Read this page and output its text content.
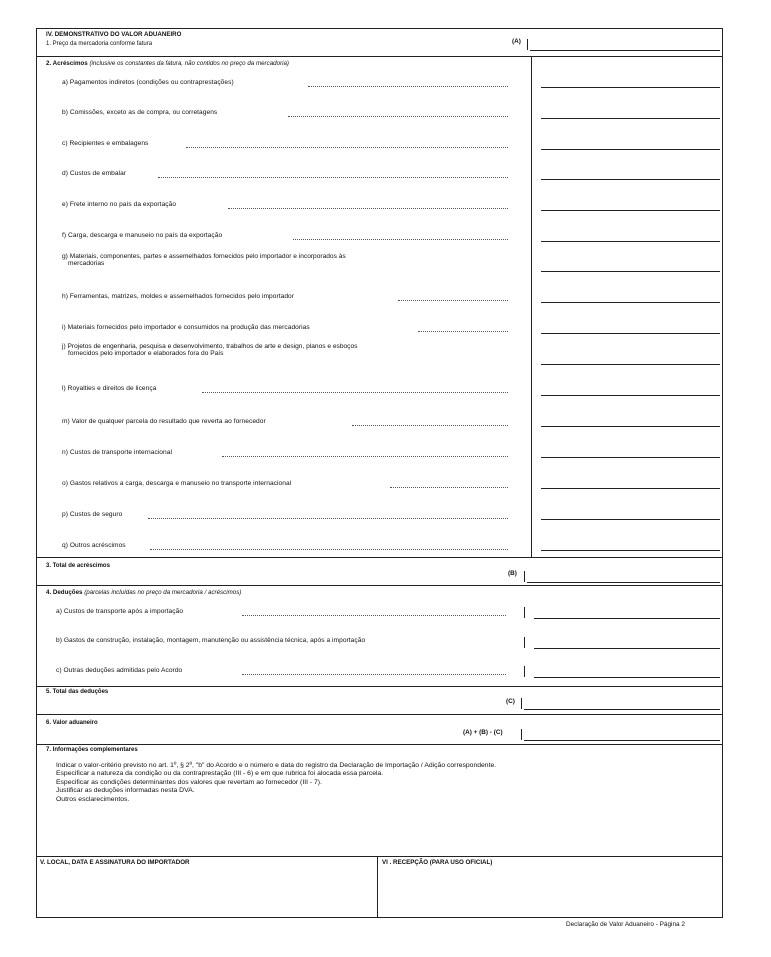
IV. DEMONSTRATIVO DO VALOR ADUANEIRO
1. Preço da mercadoria conforme fatura	(A)
2. Acréscimos (inclusive os constantes da fatura, não contidos no preço da mercadoria)
a) Pagamentos indiretos (condições ou contraprestações)
b) Comissões, exceto as de compra, ou corretagens
c) Recipientes e embalagens
d) Custos de embalar
e) Frete interno no país da exportação
f) Carga, descarga e manuseio no país da exportação
g) Materiais, componentes, partes e assemelhados fornecidos pelo importador e incorporados às
mercadorias
h) Ferramentas, matrizes, moldes e assemelhados fornecidos pelo importador
i) Materiais fornecidos pelo importador e consumidos na produção das mercadorias
j) Projetos de engenharia, pesquisa e desenvolvimento, trabalhos de arte e design, planos e esboços
fornecidos pelo importador e elaborados fora do País
l) Royalties e direitos de licença
m) Valor de qualquer parcela do resultado que reverta ao fornecedor
n) Custos de transporte internacional
o) Gastos relativos a carga, descarga e manuseio no transporte internacional
p) Custos de seguro
q) Outros acréscimos
3. Total de acréscimos
(B)
4. Deduções (parcelas incluídas no preço da mercadoria / acréscimos)
a) Custos de transporte após a importação
b) Gastos de construção, instalação, montagem, manutenção ou assistência técnica, após a importação
c) Outras deduções admitidas pelo Acordo
5. Total das deduções
(C)
6. Valor aduaneiro
(A) + (B) - (C)
7. Informações complementares
Indicar o valor-critério previsto no art. 1º, § 2º, "b" do Acordo e o número e data do registro da Declaração de Importação / Adição correspondente.
Especificar a natureza da condição ou da contraprestação (III - 6) e em que rubrica foi alocada essa parcela.
Especificar as condições determinantes dos valores que revertam ao fornecedor (III - 7).
Justificar as deduções informadas nesta DVA.
Outros esclarecimentos.
V. LOCAL, DATA E ASSINATURA DO IMPORTADOR	VI . RECEPÇÃO (PARA USO OFICIAL)
Declaração de Valor Aduaneiro - Página 2
